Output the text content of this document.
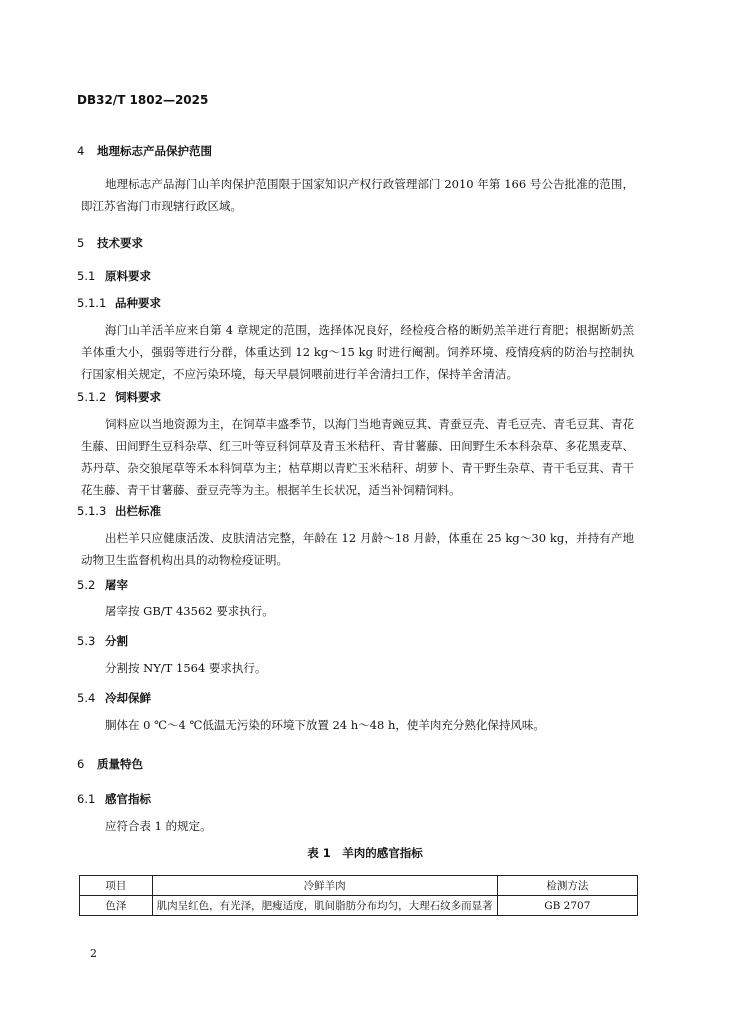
DB32/T 1802—2025
4 地理标志产品保护范围

地理标志产品海门山羊肉保护范围限于国家知识产权行政管理部门 2010 年第 166 号公告批准的范围，即江苏省海门市现辖行政区域。

5 技术要求
5.1 原料要求
5.1.1 品种要求

海门山羊活羊应来自第 4 章规定的范围，选择体况良好，经检疫合格的断奶羔羊进行育肥；根据断奶羔羊体重大小，强弱等进行分群，体重达到 12 kg～15 kg 时进行阉割。饲养环境、疫情疫病的防治与控制执行国家相关规定，不应污染环境，每天早晨饲喂前进行羊舍清扫工作，保持羊舍清洁。

5.1.2 饲料要求

饲料应以当地资源为主，在饲草丰盛季节，以海门当地青豌豆萁、青蚕豆壳、青毛豆壳、青毛豆萁、青花生藤、田间野生豆科杂草、红三叶等豆科饲草及青玉米秸秆、青甘薯藤、田间野生禾本科杂草、多花黑麦草、苏丹草、杂交狼尾草等禾本科饲草为主；枯草期以青贮玉米秸秆、胡萝卜、青干野生杂草、青干毛豆萁、青干花生藤、青干甘薯藤、蚕豆壳等为主。根据羊生长状况，适当补饲精饲料。

5.1.3 出栏标准

出栏羊只应健康活泼、皮肤清洁完整，年龄在 12 月龄～18 月龄，体重在 25 kg～30 kg，并持有产地动物卫生监督机构出具的动物检疫证明。

5.2 屠宰

屠宰按 GB/T 43562 要求执行。

5.3 分割

分割按 NY/T 1564 要求执行。

5.4 冷却保鲜

胴体在 0 ℃～4 ℃低温无污染的环境下放置 24 h～48 h，使羊肉充分熟化保持风味。

6 质量特色
6.1 感官指标

应符合表 1 的规定。

表 1　羊肉的感官指标
项目	冷鲜羊肉	检测方法
色泽	肌肉呈红色，有光泽，肥瘦适度，肌间脂肪分布均匀，大理石纹多而显著	GB 2707
2
